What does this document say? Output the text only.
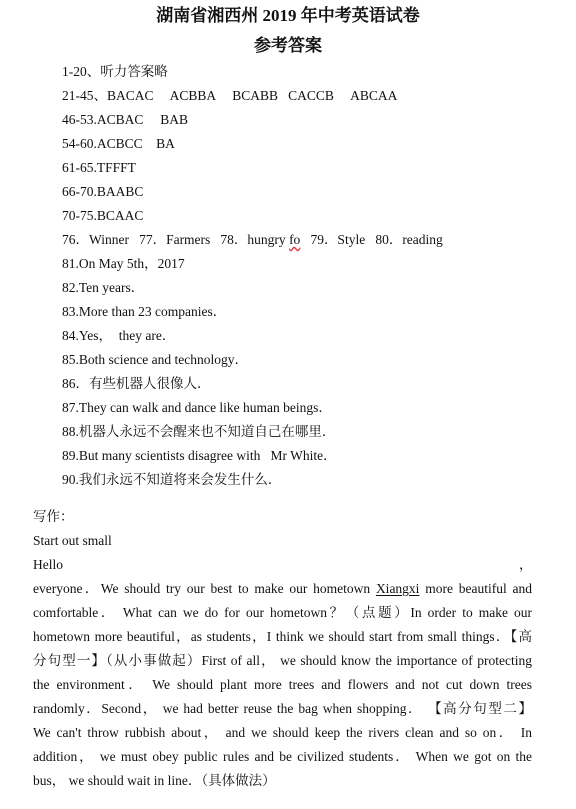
湖南省湘西州 2019 年中考英语试卷
参考答案
1-20、听力答案略
21-45、BACAC     ACBBA     BCABB   CACCB     ABCAA
46-53.ACBAC     BAB
54-60.ACBCC    BA
61-65.TFFFT
66-70.BAABC
70-75.BCAAC
76．Winner   77．Farmers   78．hungry fo   79．Style   80．reading
81.On May 5th，2017
82.Ten years．
83.More than 23 companies．
84.Yes，  they are．
85.Both science and technology．
86．有些机器人很像人．
87.They can walk and dance like human beings．
88.机器人永远不会醒来也不知道自己在哪里．
89.But many scientists disagree with   Mr White．
90.我们永远不知道将来会发生什么．
写作：
Start out small
Hello	，
everyone．We should try our best to make our hometown Xiangxi more beautiful and
comfortable． What can we do for our hometown？（点题）In order to make our
hometown more beautiful，as students，I think we should start from small things．【高
分句型一】（从小事做起）First of all， we should know the importance of protecting
the environment． We should plant more trees and flowers and not cut down trees
randomly．Second， we had better reuse the bag when shopping． 【高分句型二】
We can't throw rubbish about， and we should keep the rivers clean and so on． In
addition， we must obey public rules and be civilized students． When we got on the
bus， we should wait in line．（具体做法）
